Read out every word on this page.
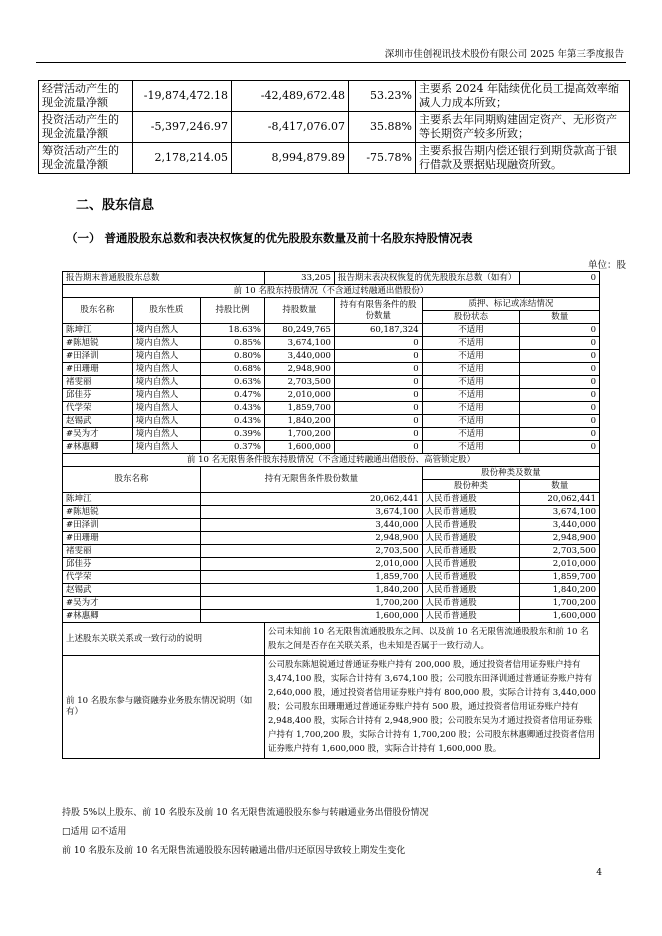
深圳市佳创视讯技术股份有限公司 2025 年第三季度报告
经营活动产生的现金流量净额	-19,874,472.18	-42,489,672.48	53.23%	主要系 2024 年陆续优化员工提高效率缩减人力成本所致；
投资活动产生的现金流量净额	-5,397,246.97	-8,417,076.07	35.88%	主要系去年同期购建固定资产、无形资产等长期资产较多所致；
筹资活动产生的现金流量净额	2,178,214.05	8,994,879.89	-75.78%	主要系报告期内偿还银行到期贷款高于银行借款及票据贴现融资所致。
二、股东信息
（一） 普通股股东总数和表决权恢复的优先股股东数量及前十名股东持股情况表
单位：股
报告期末普通股股东总数			33,205	报告期末表决权恢复的优先股股东总数（如有）		0
前 10 名股东持股情况（不含通过转融通出借股份）						
股东名称	股东性质	持股比例	持股数量	持有有限售条件的股份数量	质押、标记或冻结情况	
					股份状态	数量
陈坤江	境内自然人	18.63%	80,249,765	60,187,324	不适用	0
#陈旭锐	境内自然人	0.85%	3,674,100	0	不适用	0
#田泽训	境内自然人	0.80%	3,440,000	0	不适用	0
#田珊珊	境内自然人	0.68%	2,948,900	0	不适用	0
褚雯丽	境内自然人	0.63%	2,703,500	0	不适用	0
邱佳芬	境内自然人	0.47%	2,010,000	0	不适用	0
代学荣	境内自然人	0.43%	1,859,700	0	不适用	0
赵锡武	境内自然人	0.43%	1,840,200	0	不适用	0
#吴为才	境内自然人	0.39%	1,700,200	0	不适用	0
#林惠卿	境内自然人	0.37%	1,600,000	0	不适用	0
前 10 名无限售条件股东持股情况（不含通过转融通出借股份、高管锁定股）						
股东名称		持有无限售条件股份数量			股份种类及数量	
					股份种类	数量
陈坤江		20,062,441			人民币普通股	20,062,441
#陈旭锐		3,674,100			人民币普通股	3,674,100
#田泽训		3,440,000			人民币普通股	3,440,000
#田珊珊		2,948,900			人民币普通股	2,948,900
褚雯丽		2,703,500			人民币普通股	2,703,500
邱佳芬		2,010,000			人民币普通股	2,010,000
代学荣		1,859,700			人民币普通股	1,859,700
赵锡武		1,840,200			人民币普通股	1,840,200
#吴为才		1,700,200			人民币普通股	1,700,200
#林惠卿		1,600,000			人民币普通股	1,600,000
上述股东关联关系或一致行动的说明			公司未知前 10 名无限售流通股股东之间、以及前 10 名无限售流通股股东和前 10 名股东之间是否存在关联关系，也未知是否属于一致行动人。			
前 10 名股东参与融资融券业务股东情况说明（如有）			公司股东陈旭锐通过普通证券账户持有 200,000 股，通过投资者信用证券账户持有 3,474,100 股，实际合计持有 3,674,100 股；公司股东田泽训通过普通证券账户持有 2,640,000 股，通过投资者信用证券账户持有 800,000 股，实际合计持有 3,440,000 股；公司股东田珊珊通过普通证券账户持有 500 股，通过投资者信用证券账户持有 2,948,400 股，实际合计持有 2,948,900 股；公司股东吴为才通过投资者信用证券账户持有 1,700,200 股，实际合计持有 1,700,200 股；公司股东林惠卿通过投资者信用证券账户持有 1,600,000 股，实际合计持有 1,600,000 股。			
持股 5%以上股东、前 10 名股东及前 10 名无限售流通股股东参与转融通业务出借股份情况
□适用 ☑不适用
前 10 名股东及前 10 名无限售流通股股东因转融通出借/归还原因导致较上期发生变化
4
